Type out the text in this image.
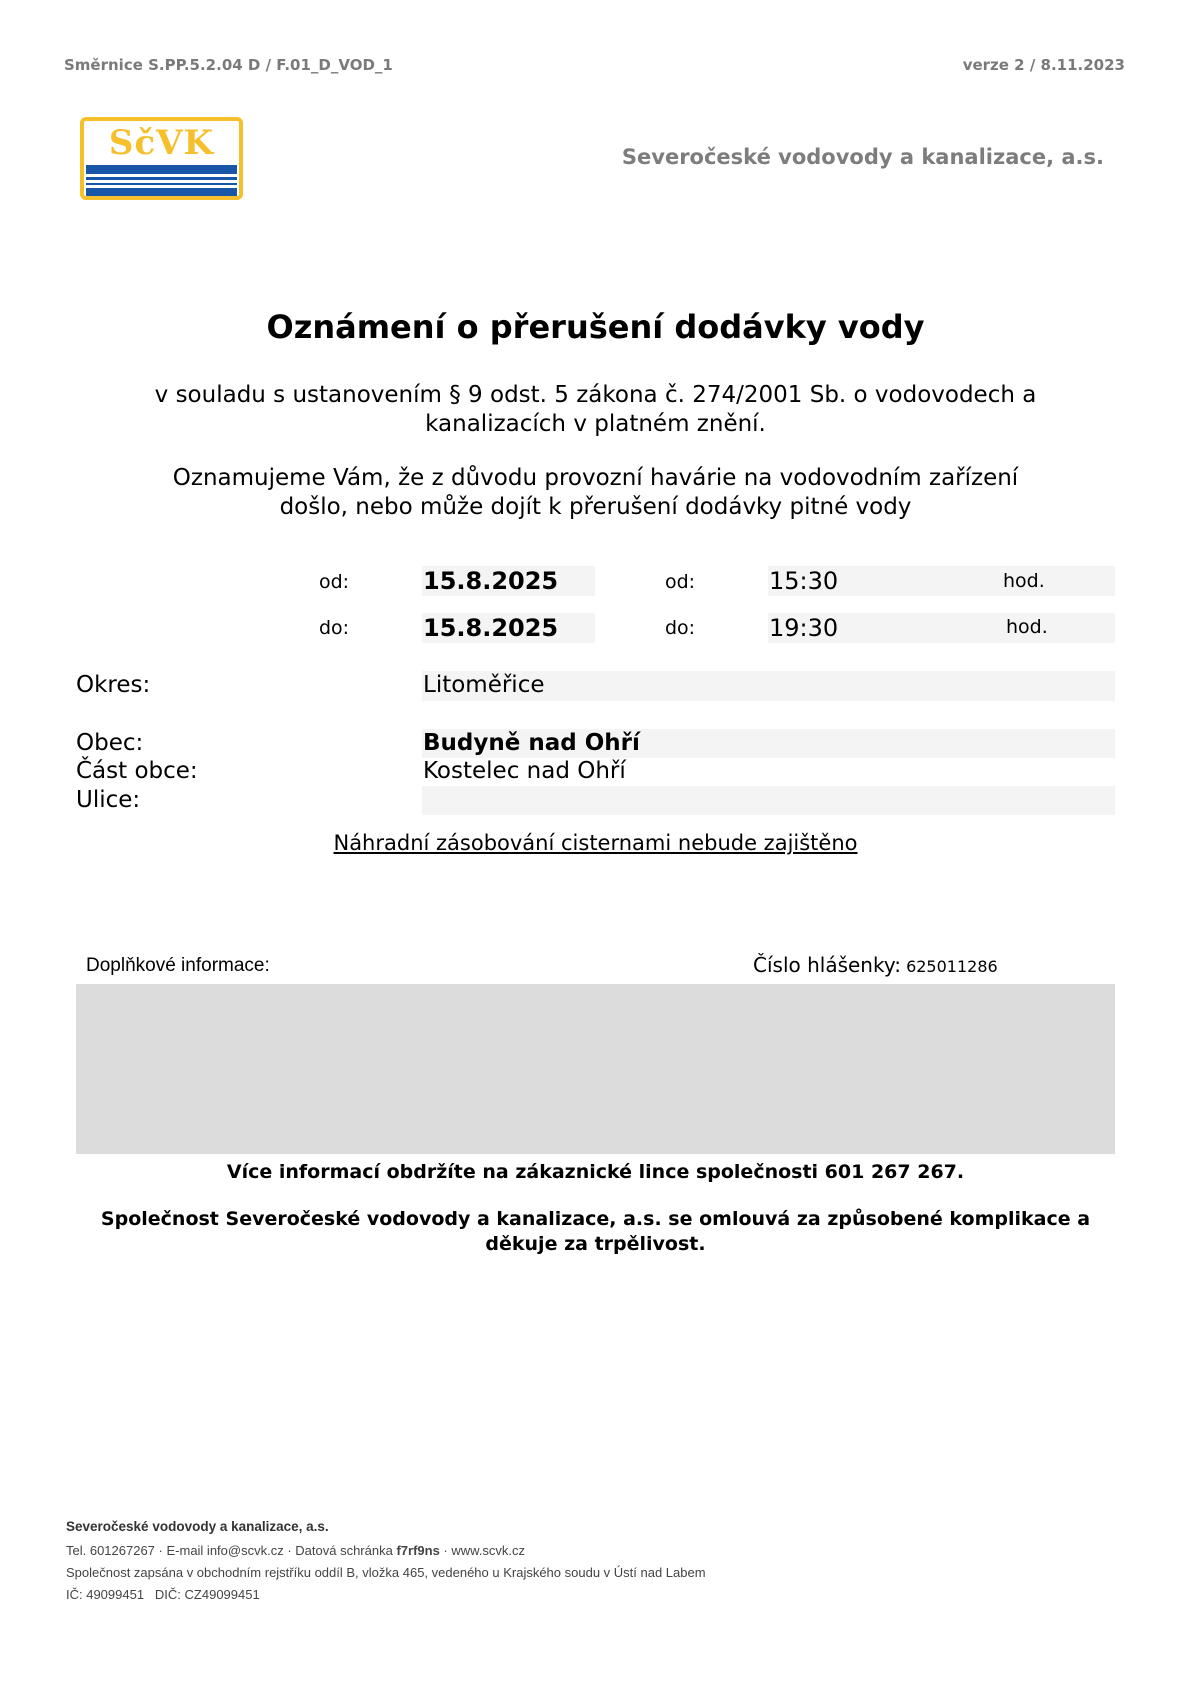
Směrnice S.PP.5.2.04 D / F.01_D_VOD_1	verze 2 / 8.11.2023
SčVK	Severočeské vodovody a kanalizace, a.s.
Oznámení o přerušení dodávky vody
v souladu s ustanovením § 9 odst. 5 zákona č. 274/2001 Sb. o vodovodech a kanalizacích v platném znění.
Oznamujeme Vám, že z důvodu provozní havárie na vodovodním zařízení došlo, nebo může dojít k přerušení dodávky pitné vody
od:	15.8.2025	od:	15:30	hod.
do:	15.8.2025	do:	19:30	hod.
Okres:	Litoměřice
Obec:	Budyně nad Ohří
Část obce:	Kostelec nad Ohří
Ulice:
Náhradní zásobování cisternami nebude zajištěno
Doplňkové informace:	Číslo hlášenky: 625011286
Více informací obdržíte na zákaznické lince společnosti 601 267 267.
Společnost Severočeské vodovody a kanalizace, a.s. se omlouvá za způsobené komplikace a děkuje za trpělivost.
Severočeské vodovody a kanalizace, a.s.
Tel. 601267267 · E-mail info@scvk.cz · Datová schránka f7rf9ns · www.scvk.cz
Společnost zapsána v obchodním rejstříku oddíl B, vložka 465, vedeného u Krajského soudu v Ústí nad Labem
IČ: 49099451 DIČ: CZ49099451
